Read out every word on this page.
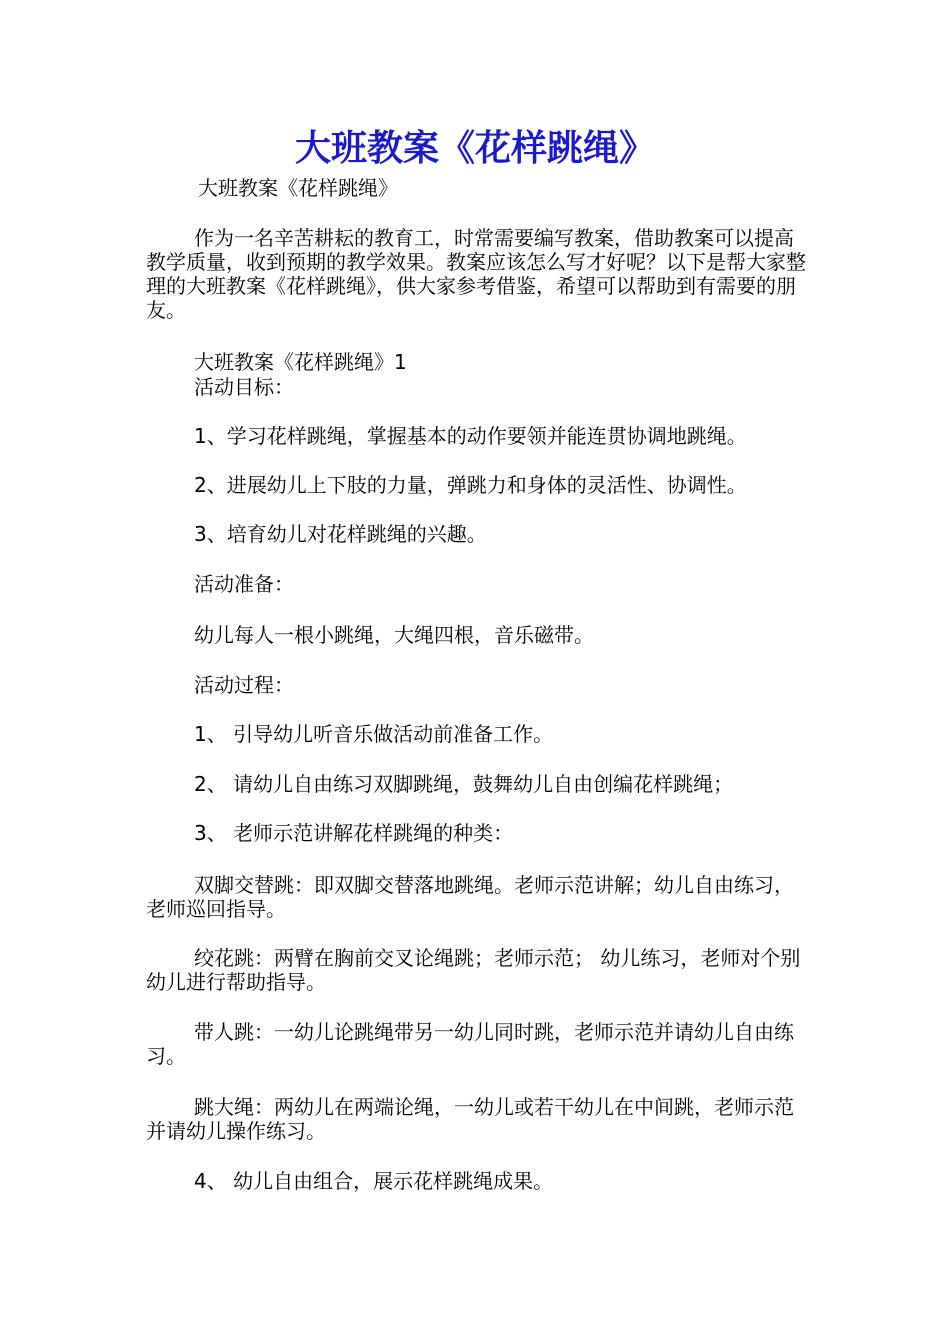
大班教案《花样跳绳》

大班教案《花样跳绳》

作为一名辛苦耕耘的教育工，时常需要编写教案，借助教案可以提高教学质量，收到预期的教学效果。教案应该怎么写才好呢？以下是帮大家整理的大班教案《花样跳绳》，供大家参考借鉴，希望可以帮助到有需要的朋友。

大班教案《花样跳绳》1

活动目标：

1、学习花样跳绳，掌握基本的动作要领并能连贯协调地跳绳。

2、进展幼儿上下肢的力量，弹跳力和身体的灵活性、协调性。

3、培育幼儿对花样跳绳的兴趣。

活动准备：

幼儿每人一根小跳绳，大绳四根，音乐磁带。

活动过程：

1、 引导幼儿听音乐做活动前准备工作。

2、 请幼儿自由练习双脚跳绳，鼓舞幼儿自由创编花样跳绳；

3、 老师示范讲解花样跳绳的种类：

双脚交替跳：即双脚交替落地跳绳。老师示范讲解；幼儿自由练习，老师巡回指导。

绞花跳：两臂在胸前交叉论绳跳；老师示范； 幼儿练习，老师对个别幼儿进行帮助指导。

带人跳：一幼儿论跳绳带另一幼儿同时跳，老师示范并请幼儿自由练习。

跳大绳：两幼儿在两端论绳，一幼儿或若干幼儿在中间跳，老师示范并请幼儿操作练习。

4、 幼儿自由组合，展示花样跳绳成果。
